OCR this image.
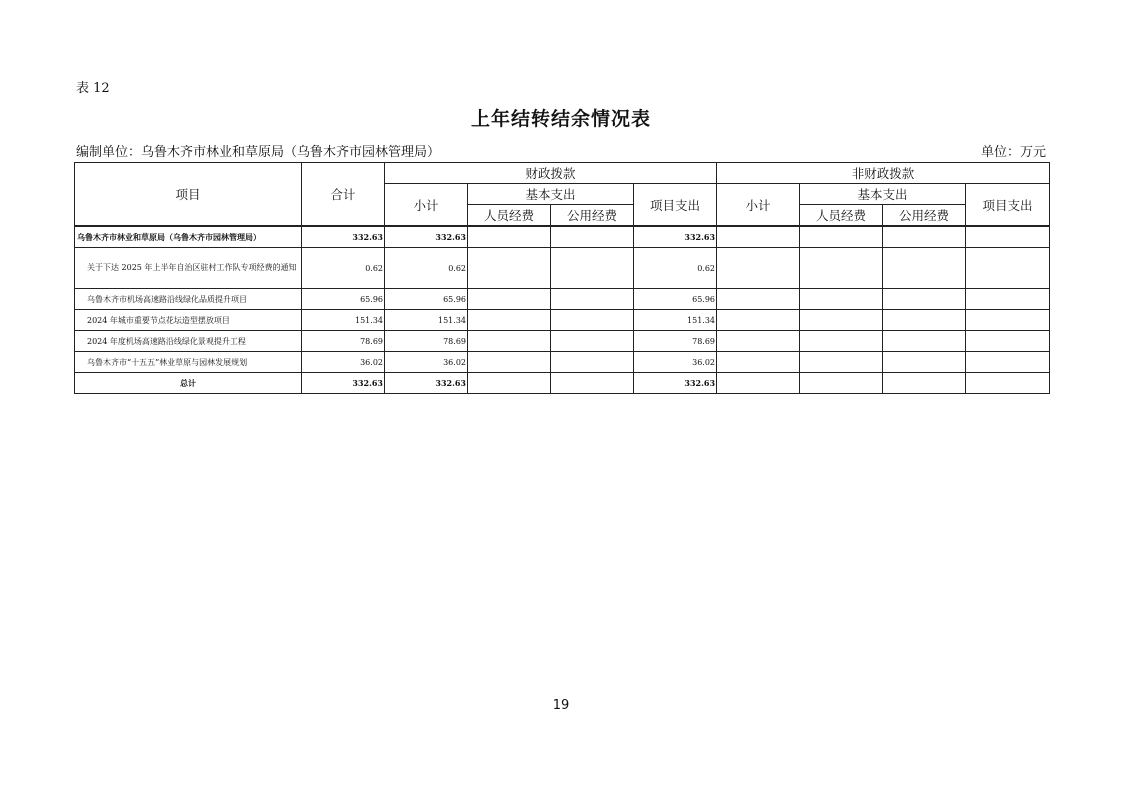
表 12
上年结转结余情况表
编制单位：乌鲁木齐市林业和草原局（乌鲁木齐市园林管理局）	单位：万元
项目	合计	财政拨款				非财政拨款			
		小计	基本支出		项目支出	小计	基本支出		项目支出
			人员经费	公用经费			人员经费	公用经费	
乌鲁木齐市林业和草原局（乌鲁木齐市园林管理局）	332.63	332.63			332.63				
关于下达 2025 年上半年自治区驻村工作队专项经费的通知	0.62	0.62			0.62				
乌鲁木齐市机场高速路沿线绿化品质提升项目	65.96	65.96			65.96				
2024 年城市重要节点花坛造型摆放项目	151.34	151.34			151.34				
2024 年度机场高速路沿线绿化景观提升工程	78.69	78.69			78.69				
乌鲁木齐市“十五五”林业草原与园林发展规划	36.02	36.02			36.02				
总计	332.63	332.63			332.63				
19
